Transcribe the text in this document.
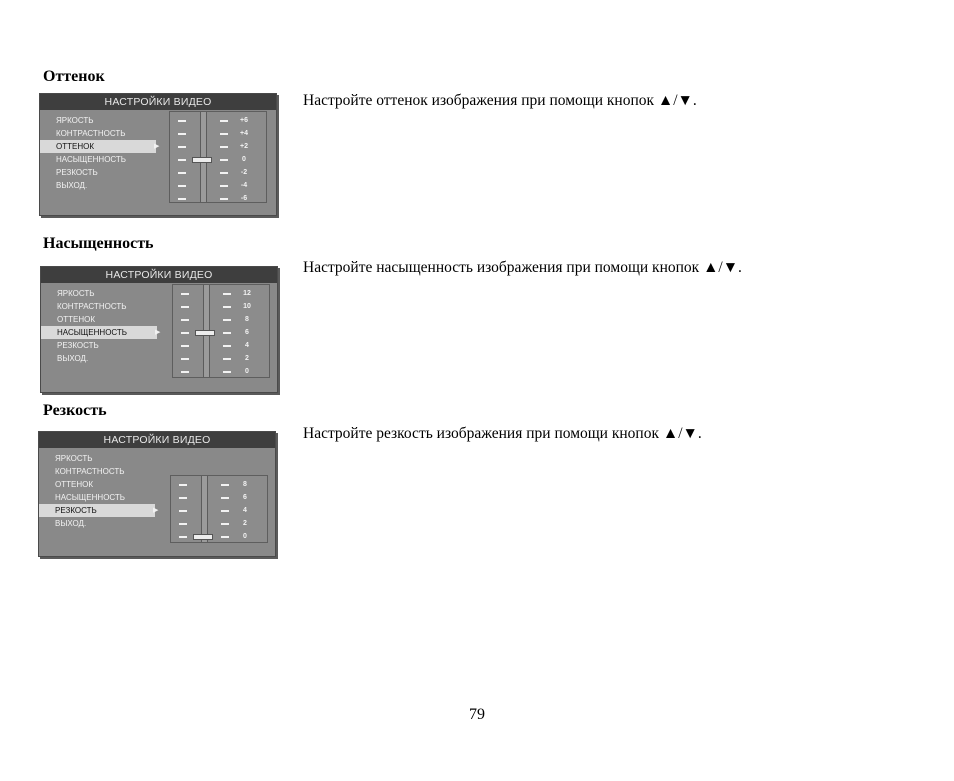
Оттенок
НАСТРОЙКИ ВИДЕО
ЯРКОСТЬ
КОНТРАСТНОСТЬ
ОТТЕНОК	▶
НАСЫЩЕННОСТЬ
РЕЗКОСТЬ
ВЫХОД.
+6
+4
+2
0
-2
-4
-6

Настройте оттенок изображения при помощи кнопок ▲/▼.

Насыщенность
НАСТРОЙКИ ВИДЕО
ЯРКОСТЬ
КОНТРАСТНОСТЬ
ОТТЕНОК
НАСЫЩЕННОСТЬ	▶
РЕЗКОСТЬ
ВЫХОД.
12
10
8
6
4
2
0

Настройте насыщенность изображения при помощи кнопок ▲/▼.

Резкость
НАСТРОЙКИ ВИДЕО
ЯРКОСТЬ
КОНТРАСТНОСТЬ
ОТТЕНОК
НАСЫЩЕННОСТЬ
РЕЗКОСТЬ	▶
ВЫХОД.
8
6
4
2
0

Настройте резкость изображения при помощи кнопок ▲/▼.

79
